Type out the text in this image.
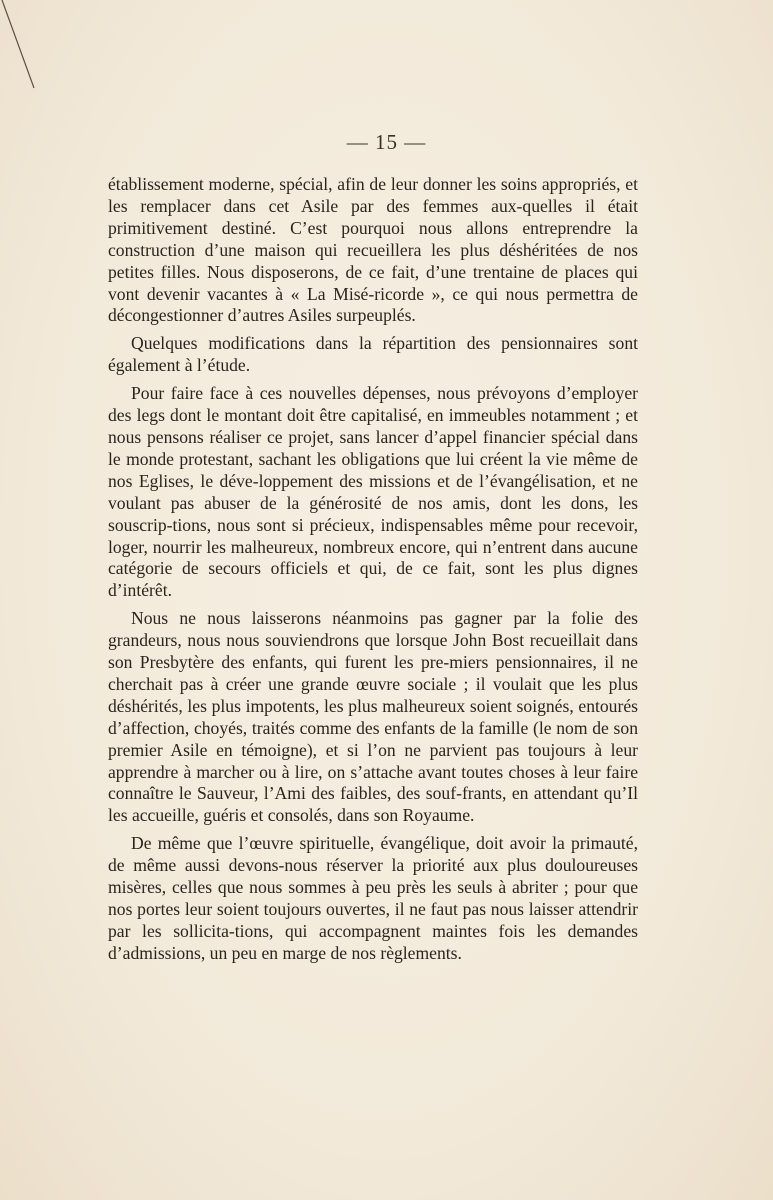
— 15 —

établissement moderne, spécial, afin de leur donner les soins appropriés, et les remplacer dans cet Asile par des femmes aux-quelles il était primitivement destiné. C’est pourquoi nous allons entreprendre la construction d’une maison qui recueillera les plus déshéritées de nos petites filles. Nous disposerons, de ce fait, d’une trentaine de places qui vont devenir vacantes à « La Misé-ricorde », ce qui nous permettra de décongestionner d’autres Asiles surpeuplés.

Quelques modifications dans la répartition des pensionnaires sont également à l’étude.

Pour faire face à ces nouvelles dépenses, nous prévoyons d’employer des legs dont le montant doit être capitalisé, en immeubles notamment ; et nous pensons réaliser ce projet, sans lancer d’appel financier spécial dans le monde protestant, sachant les obligations que lui créent la vie même de nos Eglises, le déve-loppement des missions et de l’évangélisation, et ne voulant pas abuser de la générosité de nos amis, dont les dons, les souscrip-tions, nous sont si précieux, indispensables même pour recevoir, loger, nourrir les malheureux, nombreux encore, qui n’entrent dans aucune catégorie de secours officiels et qui, de ce fait, sont les plus dignes d’intérêt.

Nous ne nous laisserons néanmoins pas gagner par la folie des grandeurs, nous nous souviendrons que lorsque John Bost recueillait dans son Presbytère des enfants, qui furent les pre-miers pensionnaires, il ne cherchait pas à créer une grande œuvre sociale ; il voulait que les plus déshérités, les plus impotents, les plus malheureux soient soignés, entourés d’affection, choyés, traités comme des enfants de la famille (le nom de son premier Asile en témoigne), et si l’on ne parvient pas toujours à leur apprendre à marcher ou à lire, on s’attache avant toutes choses à leur faire connaître le Sauveur, l’Ami des faibles, des souf-frants, en attendant qu’Il les accueille, guéris et consolés, dans son Royaume.

De même que l’œuvre spirituelle, évangélique, doit avoir la primauté, de même aussi devons-nous réserver la priorité aux plus douloureuses misères, celles que nous sommes à peu près les seuls à abriter ; pour que nos portes leur soient toujours ouvertes, il ne faut pas nous laisser attendrir par les sollicita-tions, qui accompagnent maintes fois les demandes d’admissions, un peu en marge de nos règlements.
